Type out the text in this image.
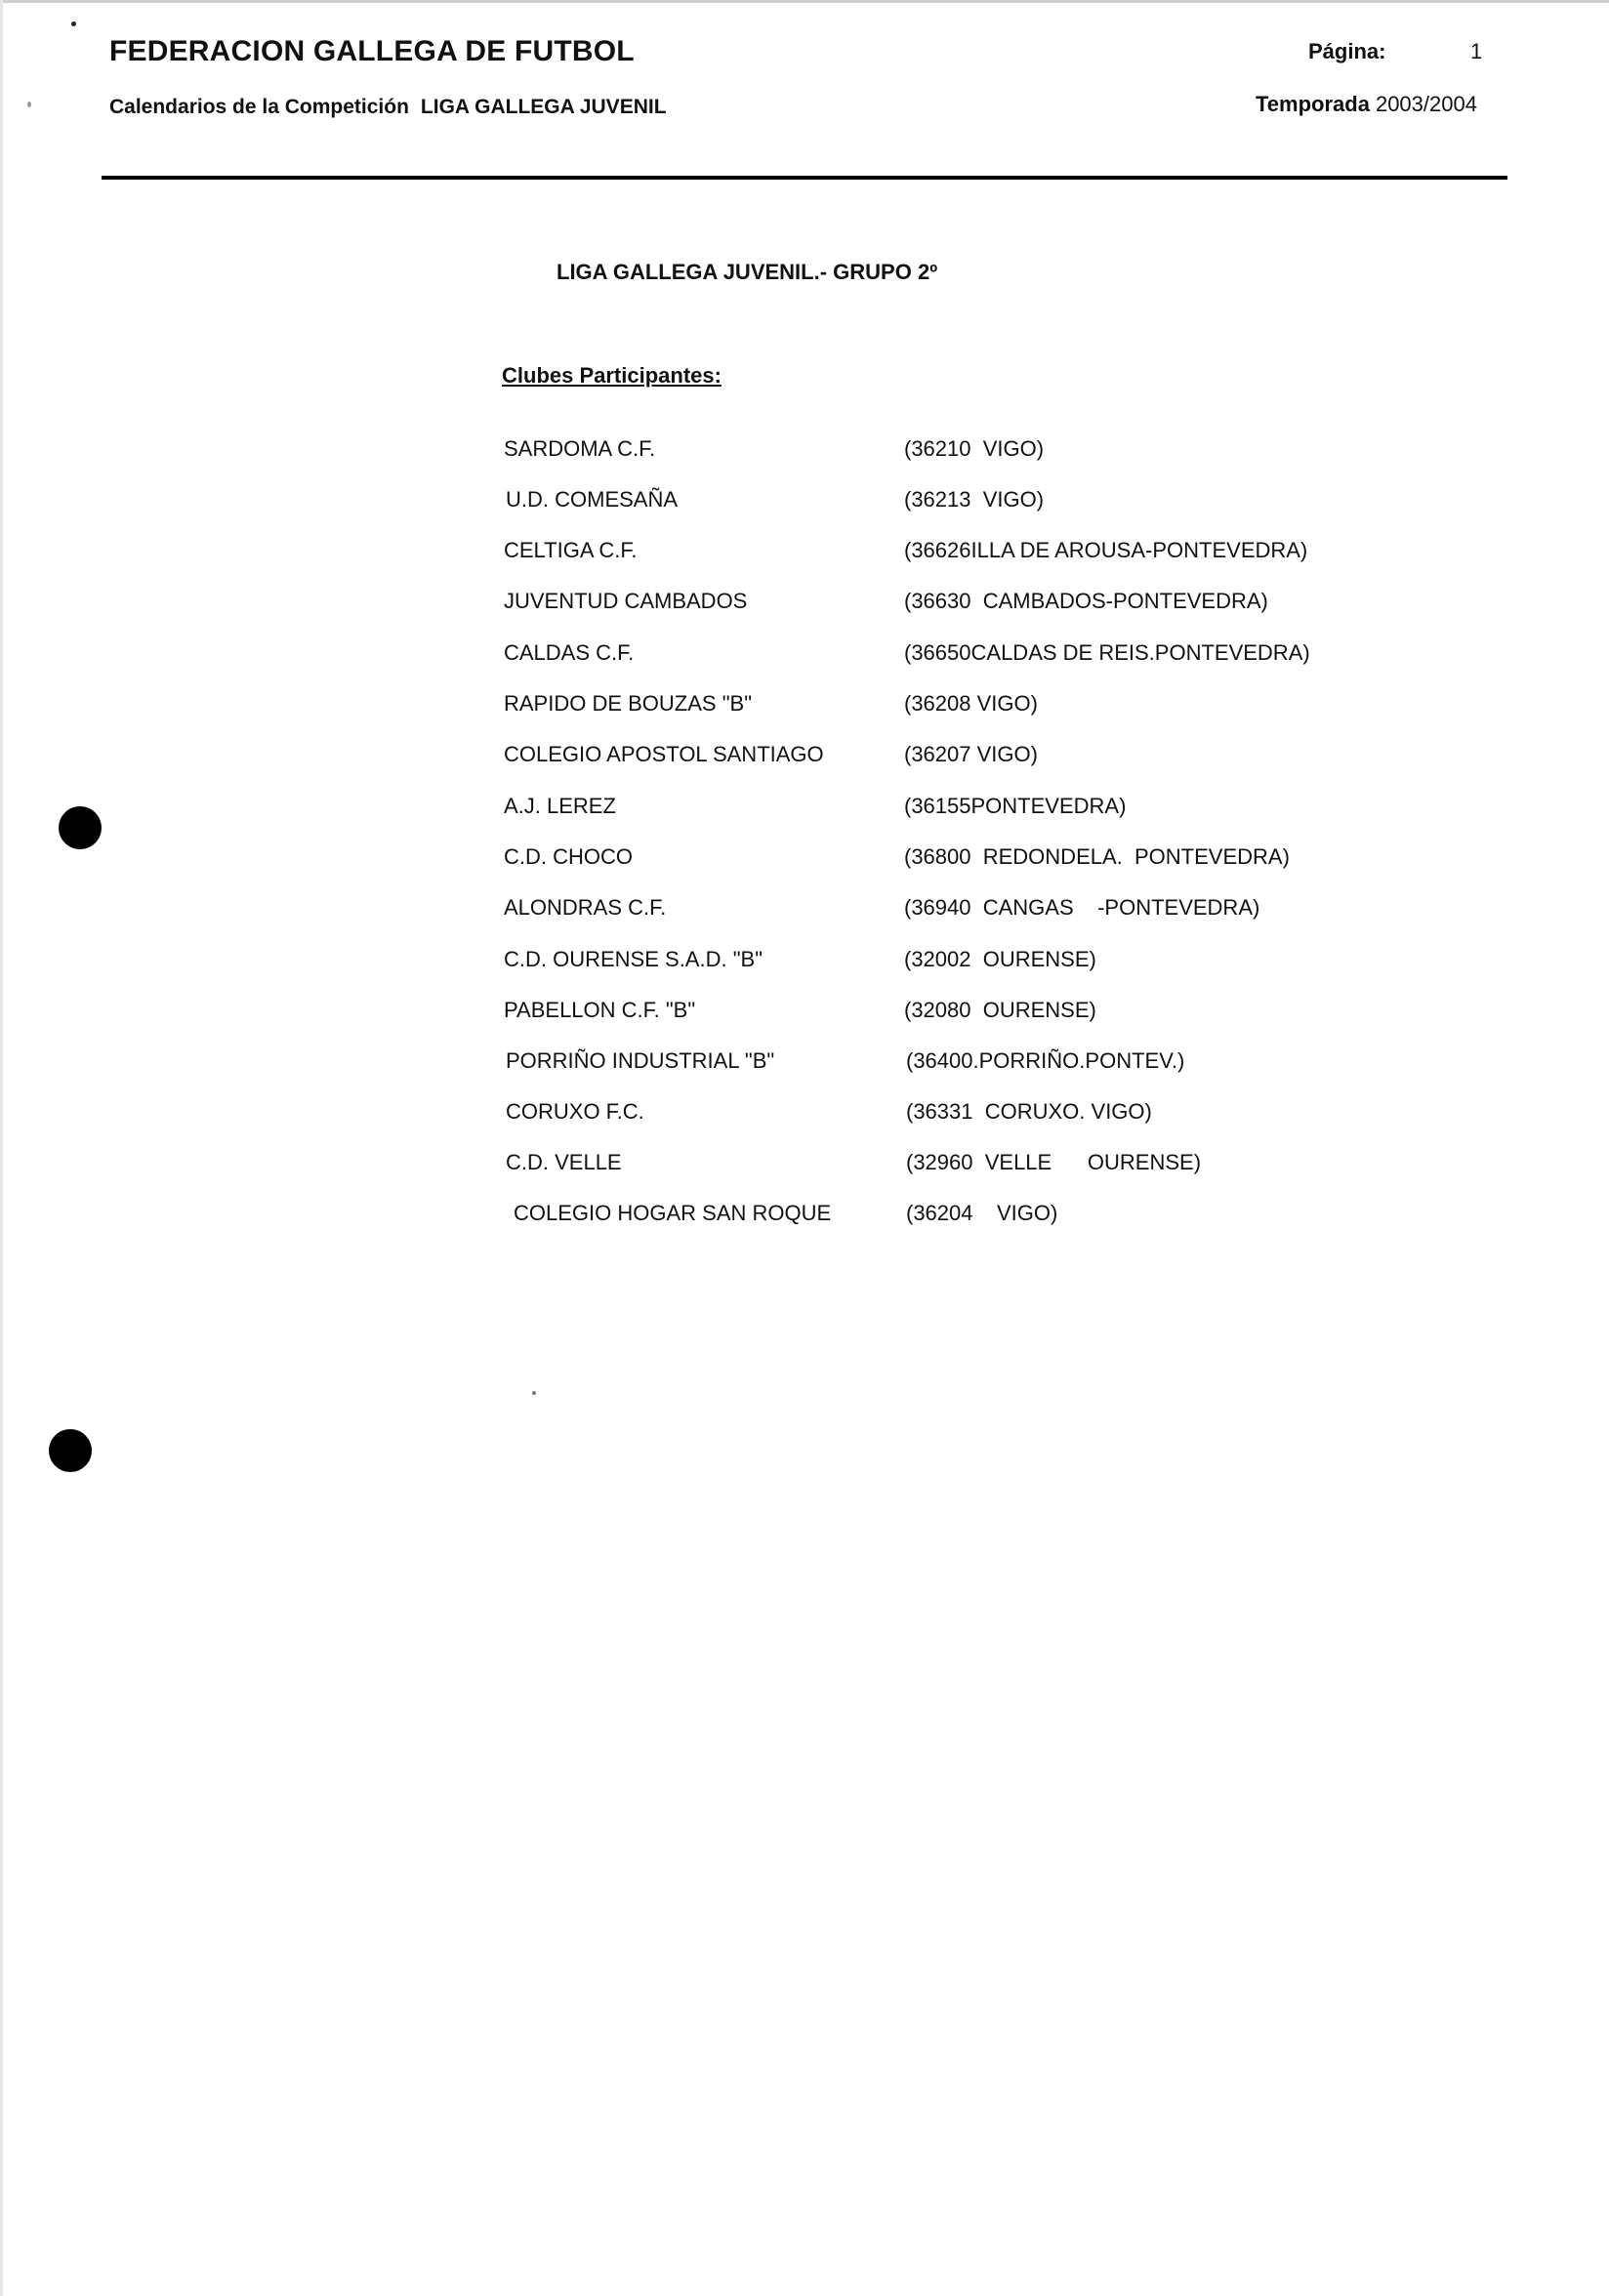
FEDERACION GALLEGA DE FUTBOL
Calendarios de la Competición LIGA GALLEGA JUVENIL
Página:	1
Temporada 2003/2004
LIGA GALLEGA JUVENIL.- GRUPO 2º
Clubes Participantes:
SARDOMA C.F.	(36210  VIGO)
U.D. COMESAÑA	(36213  VIGO)
CELTIGA C.F.	(36626ILLA DE AROUSA-PONTEVEDRA)
JUVENTUD CAMBADOS	(36630  CAMBADOS-PONTEVEDRA)
CALDAS C.F.	(36650CALDAS DE REIS.PONTEVEDRA)
RAPIDO DE BOUZAS "B"	(36208 VIGO)
COLEGIO APOSTOL SANTIAGO	(36207 VIGO)
A.J. LEREZ	(36155PONTEVEDRA)
C.D. CHOCO	(36800  REDONDELA.  PONTEVEDRA)
ALONDRAS C.F.	(36940  CANGAS    -PONTEVEDRA)
C.D. OURENSE S.A.D. "B"	(32002  OURENSE)
PABELLON C.F. "B"	(32080  OURENSE)
PORRIÑO INDUSTRIAL "B"	(36400.PORRIÑO.PONTEV.)
CORUXO F.C.	(36331  CORUXO. VIGO)
C.D. VELLE	(32960  VELLE      OURENSE)
COLEGIO HOGAR SAN ROQUE	(36204    VIGO)
